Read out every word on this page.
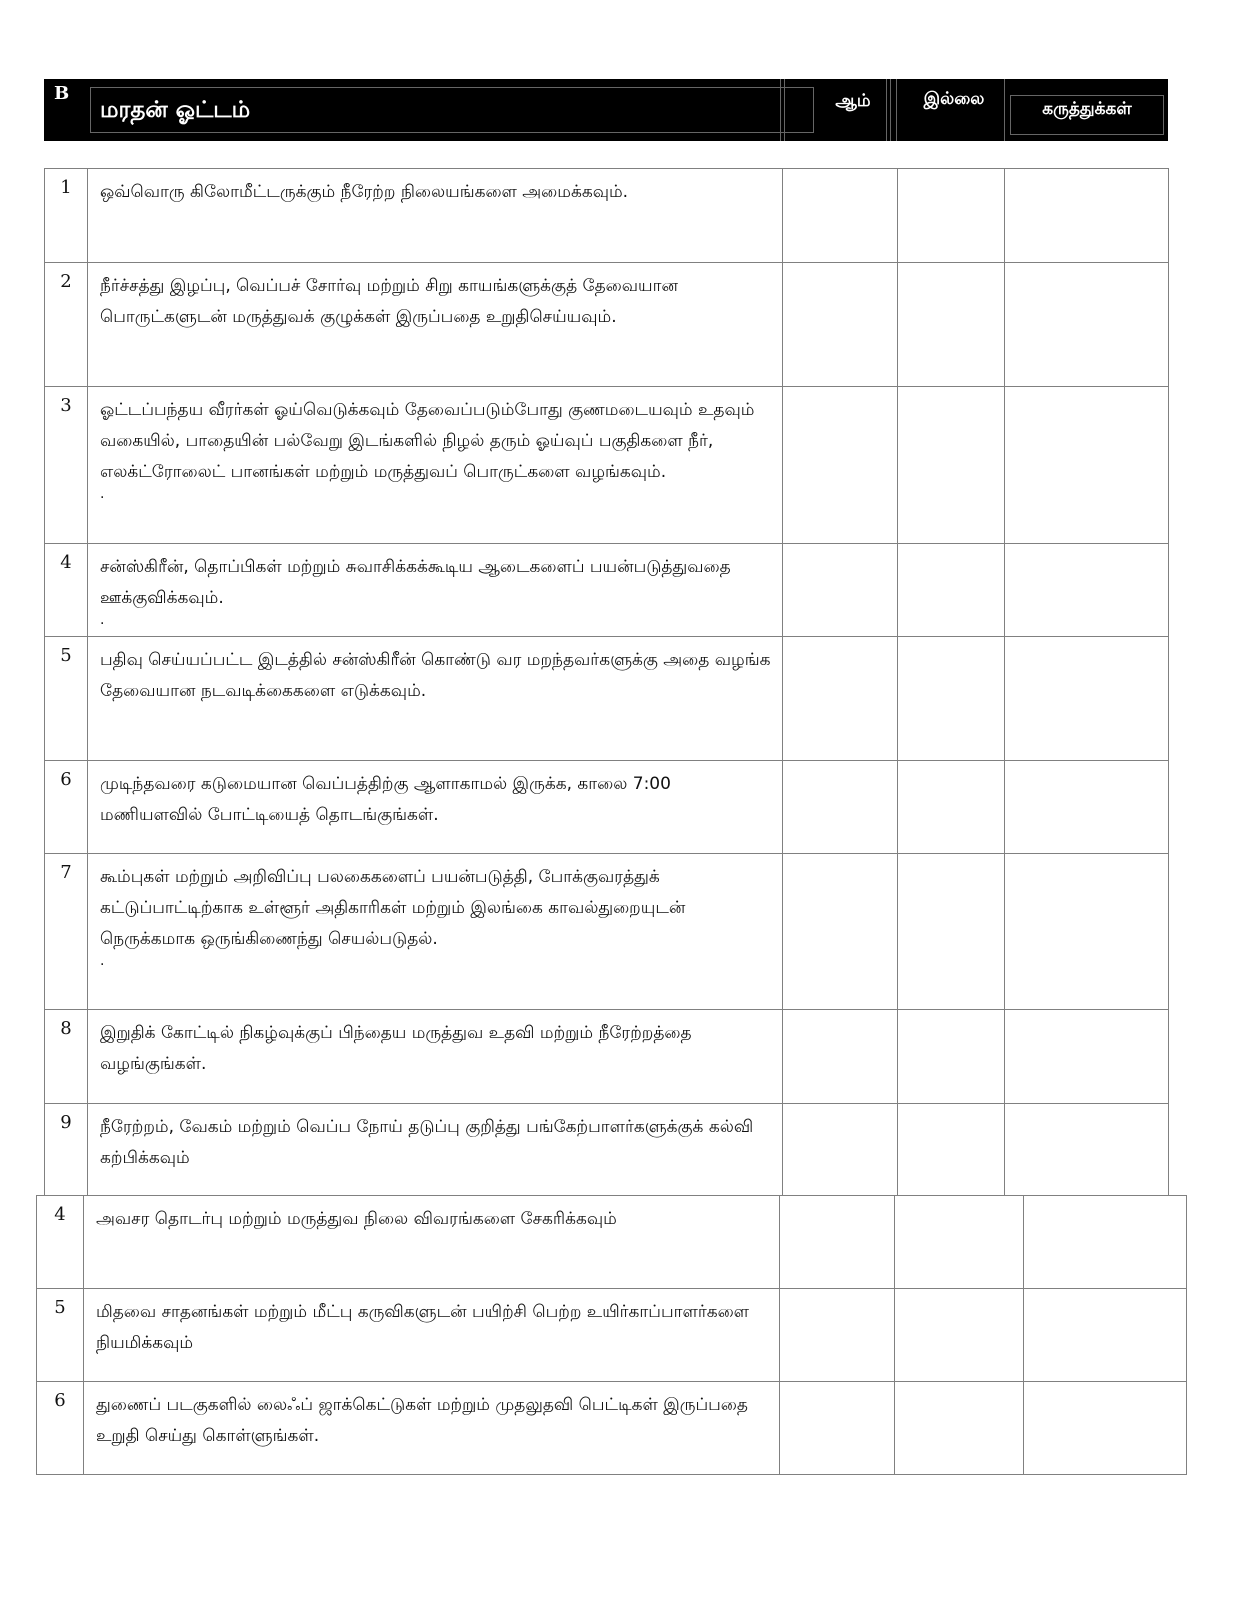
B
மரதன் ஓட்டம்	ஆம்	இல்லை	கருத்துக்கள்
1	ஒவ்வொரு கிலோமீட்டருக்கும் நீரேற்ற நிலையங்களை அமைக்கவும்.			
2	நீர்ச்சத்து இழப்பு, வெப்பச் சோர்வு மற்றும் சிறு காயங்களுக்குத் தேவையான பொருட்களுடன் மருத்துவக் குழுக்கள் இருப்பதை உறுதிசெய்யவும்.			
3	ஓட்டப்பந்தய வீரர்கள் ஓய்வெடுக்கவும் தேவைப்படும்போது குணமடையவும் உதவும் வகையில், பாதையின் பல்வேறு இடங்களில் நிழல் தரும் ஓய்வுப் பகுதிகளை நீர், எலக்ட்ரோலைட் பானங்கள் மற்றும் மருத்துவப் பொருட்களை வழங்கவும்.
.			

4	சன்ஸ்கிரீன், தொப்பிகள் மற்றும் சுவாசிக்கக்கூடிய ஆடைகளைப் பயன்படுத்துவதை ஊக்குவிக்கவும்.
.			

5	பதிவு செய்யப்பட்ட இடத்தில் சன்ஸ்கிரீன் கொண்டு வர மறந்தவர்களுக்கு அதை வழங்க தேவையான நடவடிக்கைகளை எடுக்கவும்.			
6	முடிந்தவரை கடுமையான வெப்பத்திற்கு ஆளாகாமல் இருக்க, காலை 7:00 மணியளவில் போட்டியைத் தொடங்குங்கள்.			
7	கூம்புகள் மற்றும் அறிவிப்பு பலகைகளைப் பயன்படுத்தி, போக்குவரத்துக் கட்டுப்பாட்டிற்காக உள்ளூர் அதிகாரிகள் மற்றும் இலங்கை காவல்துறையுடன் நெருக்கமாக ஒருங்கிணைந்து செயல்படுதல்.
.			

8	இறுதிக் கோட்டில் நிகழ்வுக்குப் பிந்தைய மருத்துவ உதவி மற்றும் நீரேற்றத்தை வழங்குங்கள்.			
9	நீரேற்றம், வேகம் மற்றும் வெப்ப நோய் தடுப்பு குறித்து பங்கேற்பாளர்களுக்குக் கல்வி கற்பிக்கவும்			
4	அவசர தொடர்பு மற்றும் மருத்துவ நிலை விவரங்களை சேகரிக்கவும்			
5	மிதவை சாதனங்கள் மற்றும் மீட்பு கருவிகளுடன் பயிற்சி பெற்ற உயிர்காப்பாளர்களை நியமிக்கவும்			
6	துணைப் படகுகளில் லைஃப் ஜாக்கெட்டுகள் மற்றும் முதலுதவி பெட்டிகள் இருப்பதை உறுதி செய்து கொள்ளுங்கள்.			
